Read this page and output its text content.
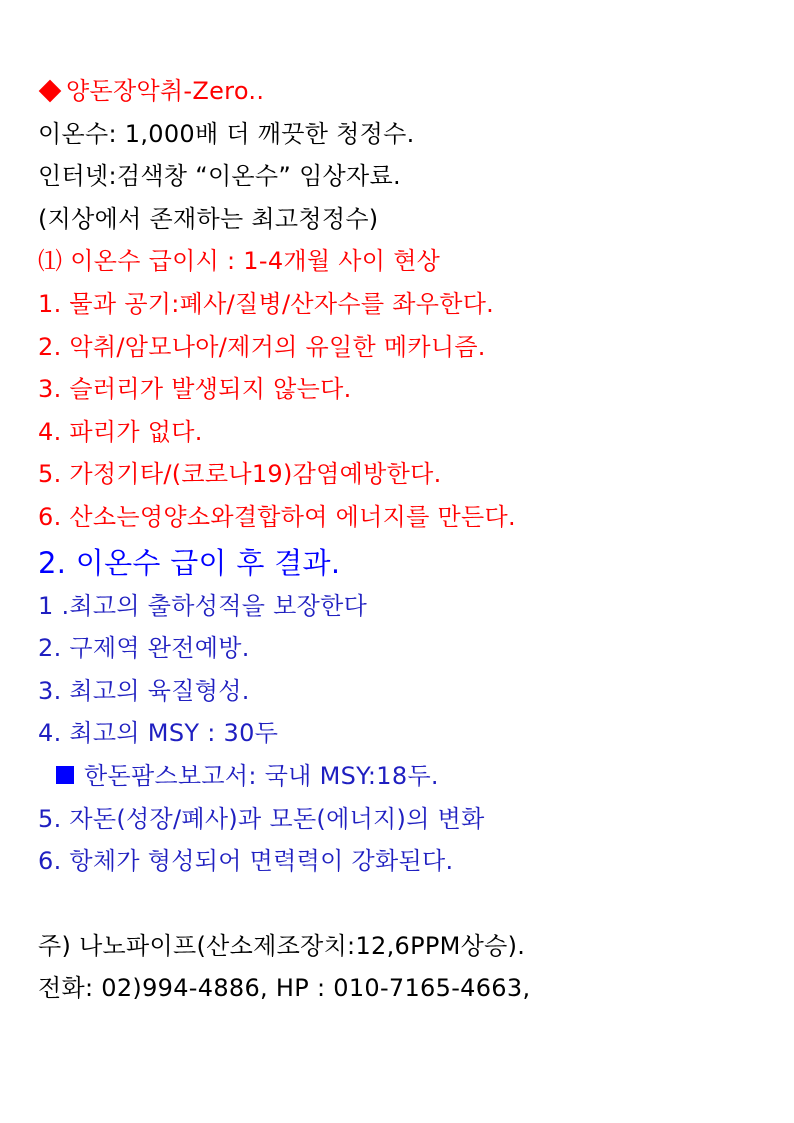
양돈장악취-Zero..
이온수: 1,000배 더 깨끗한 청정수.
인터넷:검색창 “이온수” 임상자료.
(지상에서 존재하는 최고청정수)
⑴ 이온수 급이시 : 1-4개월 사이 현상
1. 물과 공기:폐사/질병/산자수를 좌우한다.
2. 악취/암모나아/제거의 유일한 메카니즘.
3. 슬러리가 발생되지 않는다.
4. 파리가 없다.
5. 가정기타/(코로나19)감염예방한다.
6. 산소는영양소와결합하여 에너지를 만든다.
2. 이온수 급이 후 결과.
1 .최고의 출하성적을 보장한다
2. 구제역 완전예방.
3. 최고의 육질형성.
4. 최고의 MSY : 30두
한돈팜스보고서: 국내 MSY:18두.
5. 자돈(성장/폐사)과 모돈(에너지)의 변화
6. 항체가 형성되어 면력력이 강화된다.
주) 나노파이프(산소제조장치:12,6PPM상승).
전화: 02)994-4886, HP : 010-7165-4663,
